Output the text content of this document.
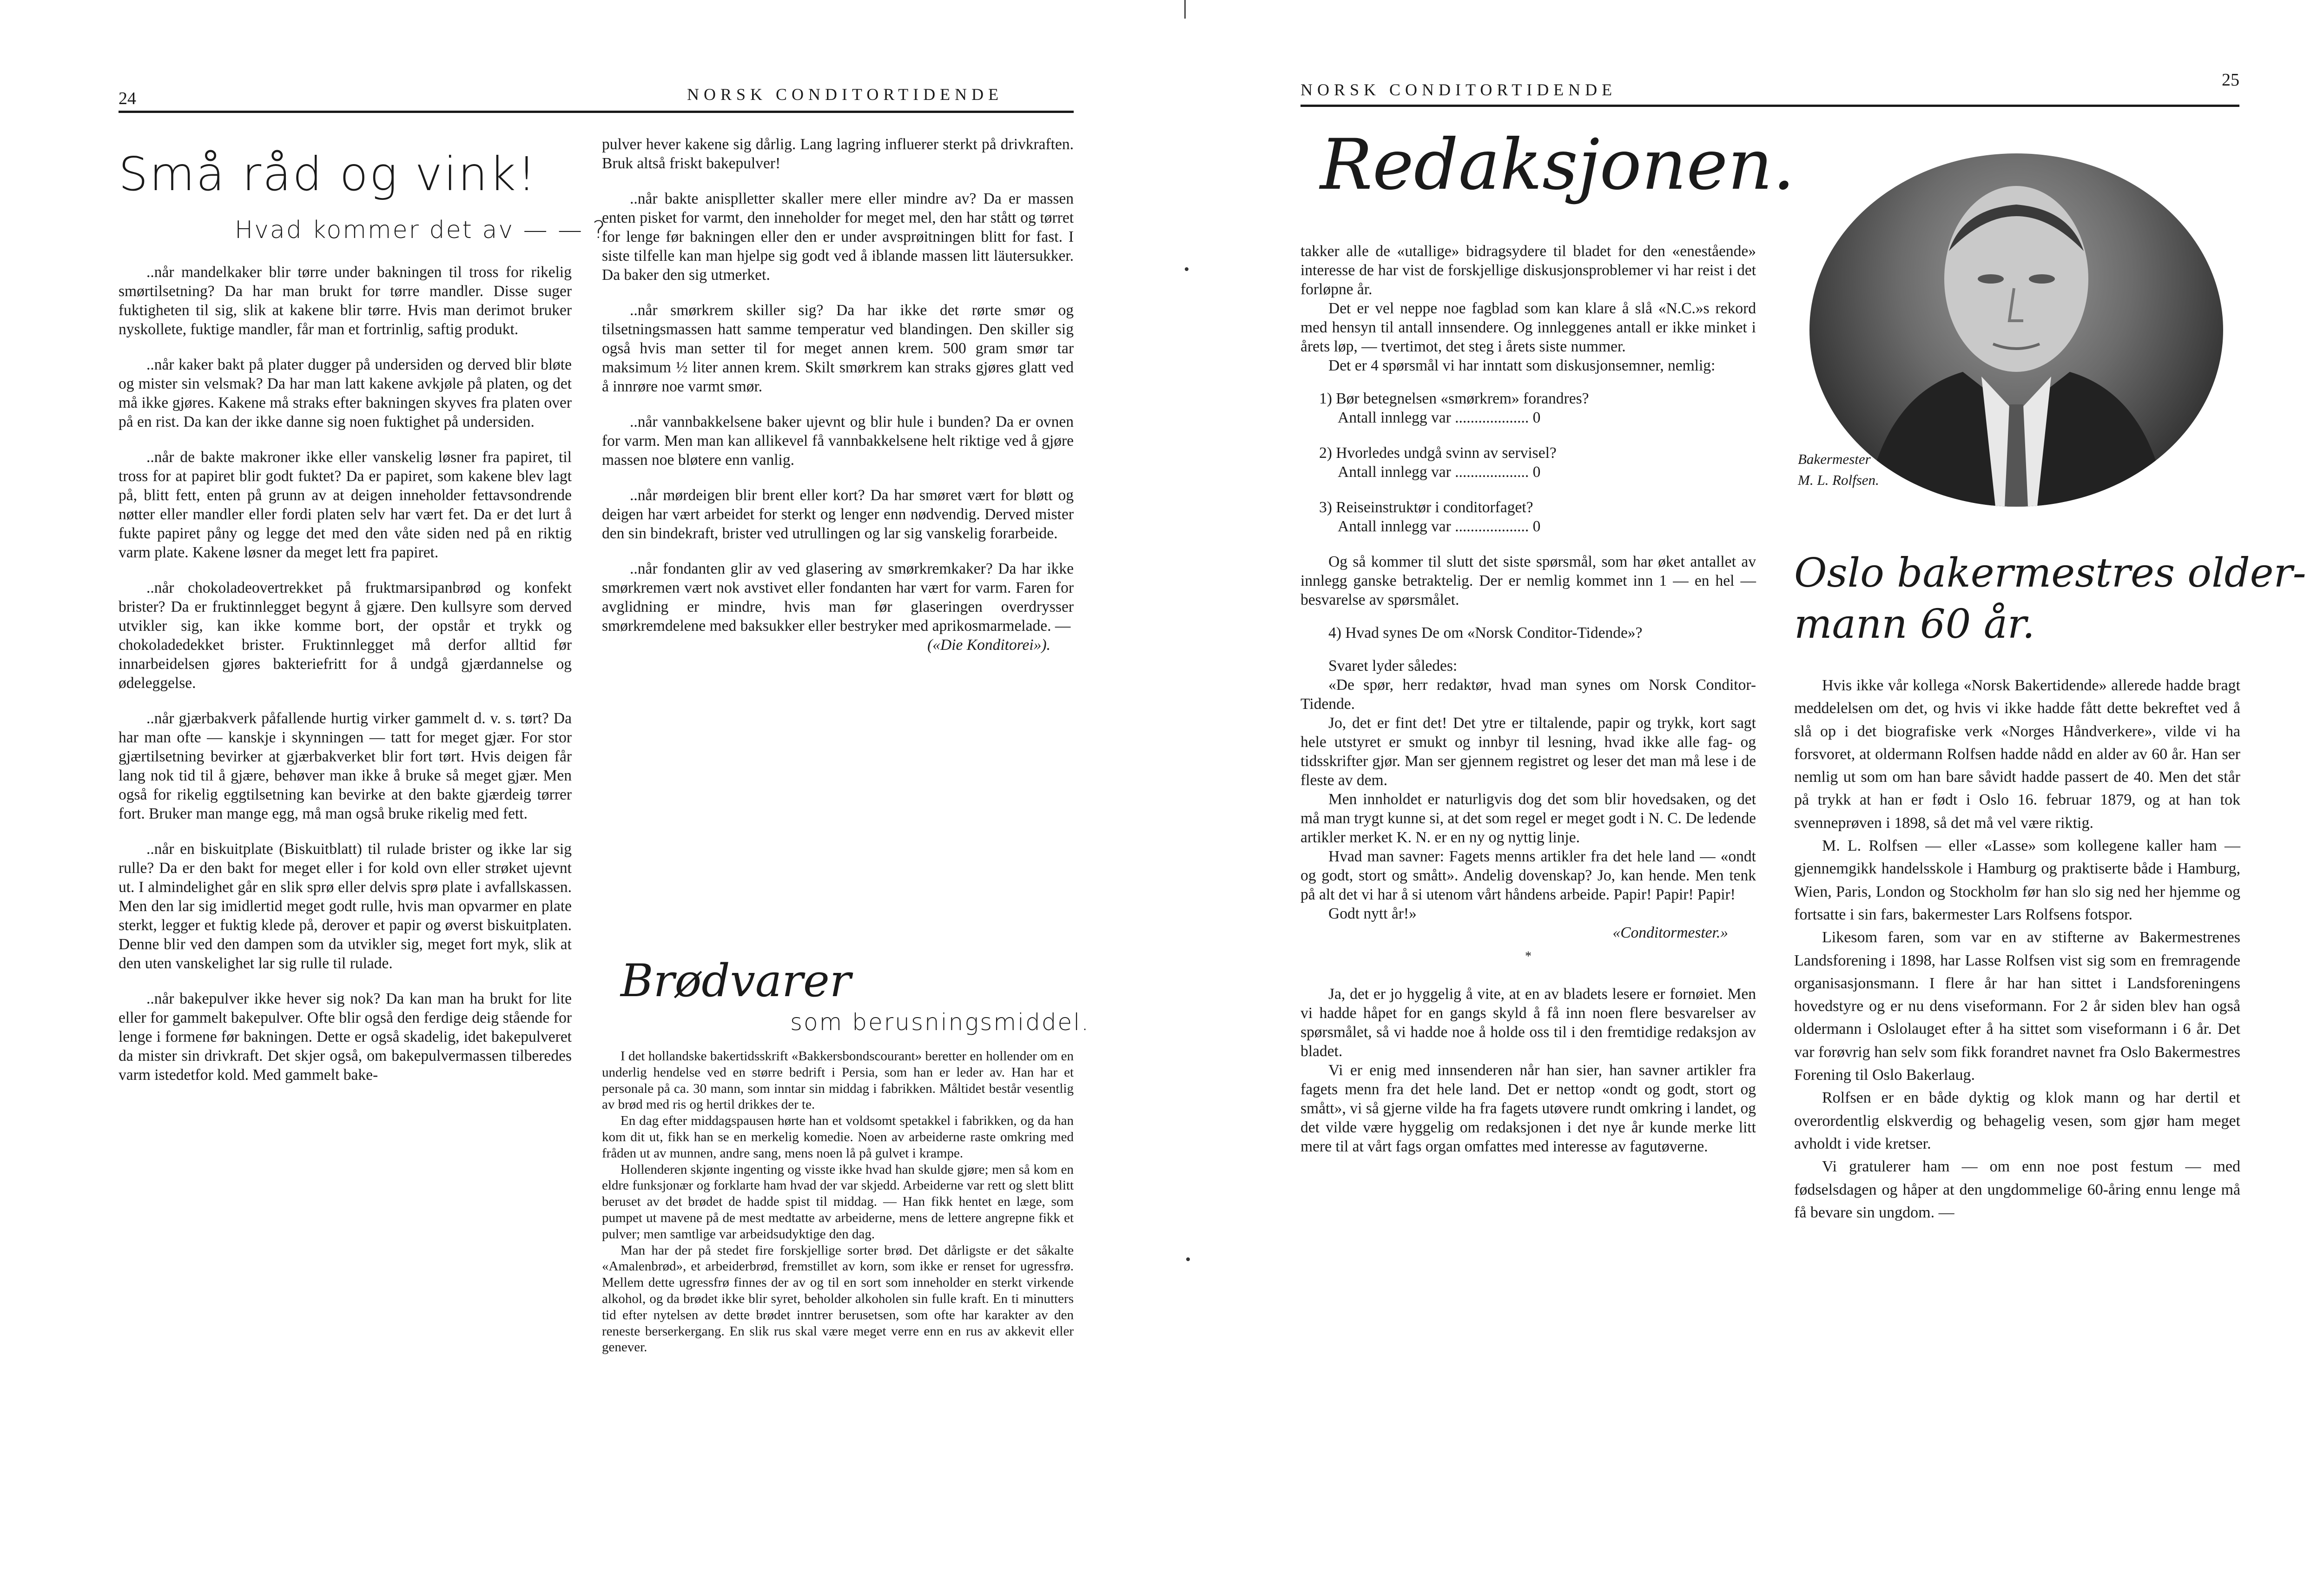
24	NORSK CONDITORTIDENDE
Små råd og vink!
Hvad kommer det av — — ?

..når mandelkaker blir tørre under bakningen til tross for rikelig smørtilsetning? Da har man brukt for tørre mandler. Disse suger fuktigheten til sig, slik at kakene blir tørre. Hvis man derimot bruker nyskollete, fuktige mandler, får man et fortrinlig, saftig produkt.

..når kaker bakt på plater dugger på undersiden og derved blir bløte og mister sin velsmak? Da har man latt kakene avkjøle på platen, og det må ikke gjøres. Kakene må straks efter bakningen skyves fra platen over på en rist. Da kan der ikke danne sig noen fuktighet på undersiden.

..når de bakte makroner ikke eller vanskelig løsner fra papiret, til tross for at papiret blir godt fuktet? Da er papiret, som kakene blev lagt på, blitt fett, enten på grunn av at deigen inneholder fettavsondrende nøtter eller mandler eller fordi platen selv har vært fet. Da er det lurt å fukte papiret påny og legge det med den våte siden ned på en riktig varm plate. Kakene løsner da meget lett fra papiret.

..når chokoladeovertrekket på fruktmarsipanbrød og konfekt brister? Da er fruktinnlegget begynt å gjære. Den kullsyre som derved utvikler sig, kan ikke komme bort, der opstår et trykk og chokoladedekket brister. Fruktinnlegget må derfor alltid før innarbeidelsen gjøres bakteriefritt for å undgå gjærdannelse og ødeleggelse.

..når gjærbakverk påfallende hurtig virker gammelt d. v. s. tørt? Da har man ofte — kanskje i skynningen — tatt for meget gjær. For stor gjærtilsetning bevirker at gjærbakverket blir fort tørt. Hvis deigen får lang nok tid til å gjære, behøver man ikke å bruke så meget gjær. Men også for rikelig eggtilsetning kan bevirke at den bakte gjærdeig tørrer fort. Bruker man mange egg, må man også bruke rikelig med fett.

..når en biskuitplate (Biskuitblatt) til rulade brister og ikke lar sig rulle? Da er den bakt for meget eller i for kold ovn eller strøket ujevnt ut. I almindelighet går en slik sprø eller delvis sprø plate i avfallskassen. Men den lar sig imidlertid meget godt rulle, hvis man opvarmer en plate sterkt, legger et fuktig klede på, derover et papir og øverst biskuitplaten. Denne blir ved den dampen som da utvikler sig, meget fort myk, slik at den uten vanskelighet lar sig rulle til rulade.

..når bakepulver ikke hever sig nok? Da kan man ha brukt for lite eller for gammelt bakepulver. Ofte blir også den ferdige deig stående for lenge i formene før bakningen. Dette er også skadelig, idet bakepulveret da mister sin drivkraft. Det skjer også, om bakepulvermassen tilberedes varm istedetfor kold. Med gammelt bake-

pulver hever kakene sig dårlig. Lang lagring influerer sterkt på drivkraften. Bruk altså friskt bakepulver!

..når bakte anisplletter skaller mere eller mindre av? Da er massen enten pisket for varmt, den inneholder for meget mel, den har stått og tørret for lenge før bakningen eller den er under avsprøitningen blitt for fast. I siste tilfelle kan man hjelpe sig godt ved å iblande massen litt läutersukker. Da baker den sig utmerket.

..når smørkrem skiller sig? Da har ikke det rørte smør og tilsetningsmassen hatt samme temperatur ved blandingen. Den skiller sig også hvis man setter til for meget annen krem. 500 gram smør tar maksimum ½ liter annen krem. Skilt smørkrem kan straks gjøres glatt ved å innrøre noe varmt smør.

..når vannbakkelsene baker ujevnt og blir hule i bunden? Da er ovnen for varm. Men man kan allikevel få vannbakkelsene helt riktige ved å gjøre massen noe bløtere enn vanlig.

..når mørdeigen blir brent eller kort? Da har smøret vært for bløtt og deigen har vært arbeidet for sterkt og lenger enn nødvendig. Derved mister den sin bindekraft, brister ved utrullingen og lar sig vanskelig forarbeide.

..når fondanten glir av ved glasering av smørkremkaker? Da har ikke smørkremen vært nok avstivet eller fondanten har vært for varm. Faren for avglidning er mindre, hvis man før glaseringen overdrysser smørkremdelene med baksukker eller bestryker med aprikosmarmelade. —

(«Die Konditorei»).
Brødvarer
som berusningsmiddel.

I det hollandske bakertidsskrift «Bakkersbondscourant» beretter en hollender om en underlig hendelse ved en større bedrift i Persia, som han er leder av. Han har et personale på ca. 30 mann, som inntar sin middag i fabrikken. Måltidet består vesentlig av brød med ris og hertil drikkes der te.

En dag efter middagspausen hørte han et voldsomt spetakkel i fabrikken, og da han kom dit ut, fikk han se en merkelig komedie. Noen av arbeiderne raste omkring med fråden ut av munnen, andre sang, mens noen lå på gulvet i krampe.

Hollenderen skjønte ingenting og visste ikke hvad han skulde gjøre; men så kom en eldre funksjonær og forklarte ham hvad der var skjedd. Arbeiderne var rett og slett blitt beruset av det brødet de hadde spist til middag. — Han fikk hentet en læge, som pumpet ut mavene på de mest medtatte av arbeiderne, mens de lettere angrepne fikk et pulver; men samtlige var arbeidsudyktige den dag.

Man har der på stedet fire forskjellige sorter brød. Det dårligste er det såkalte «Amalenbrød», et arbeiderbrød, fremstillet av korn, som ikke er renset for ugressfrø. Mellem dette ugressfrø finnes der av og til en sort som inneholder en sterkt virkende alkohol, og da brødet ikke blir syret, beholder alkoholen sin fulle kraft. En ti minutters tid efter nytelsen av dette brødet inntrer berusetsen, som ofte har karakter av den reneste berserkergang. En slik rus skal være meget verre enn en rus av akkevit eller genever.

NORSK CONDITORTIDENDE	25
Redaksjonen.

takker alle de «utallige» bidragsydere til bladet for den «enestående» interesse de har vist de forskjellige diskusjonsproblemer vi har reist i det forløpne år.

Det er vel neppe noe fagblad som kan klare å slå «N.C.»s rekord med hensyn til antall innsendere. Og innleggenes antall er ikke minket i årets løp, — tvertimot, det steg i årets siste nummer.

Det er 4 spørsmål vi har inntatt som diskusjonsemner, nemlig:

1) Bør betegnelsen «smørkrem» forandres?
Antall innlegg var ................... 0
2) Hvorledes undgå svinn av servisel?
Antall innlegg var ................... 0
3) Reiseinstruktør i conditorfaget?
Antall innlegg var ................... 0

Og så kommer til slutt det siste spørsmål, som har øket antallet av innlegg ganske betraktelig. Der er nemlig kommet inn 1 — en hel — besvarelse av spørsmålet.

4) Hvad synes De om «Norsk Conditor-Tidende»?

Svaret lyder således:

«De spør, herr redaktør, hvad man synes om Norsk Conditor-Tidende.

Jo, det er fint det! Det ytre er tiltalende, papir og trykk, kort sagt hele utstyret er smukt og innbyr til lesning, hvad ikke alle fag- og tidsskrifter gjør. Man ser gjennem registret og leser det man må lese i de fleste av dem.

Men innholdet er naturligvis dog det som blir hovedsaken, og det må man trygt kunne si, at det som regel er meget godt i N. C. De ledende artikler merket K. N. er en ny og nyttig linje.

Hvad man savner: Fagets menns artikler fra det hele land — «ondt og godt, stort og smått». Andelig dovenskap? Jo, kan hende. Men tenk på alt det vi har å si utenom vårt håndens arbeide. Papir! Papir! Papir!

Godt nytt år!»

«Conditormester.»
*

Ja, det er jo hyggelig å vite, at en av bladets lesere er fornøiet. Men vi hadde håpet for en gangs skyld å få inn noen flere besvarelser av spørsmålet, så vi hadde noe å holde oss til i den fremtidige redaksjon av bladet.

Vi er enig med innsenderen når han sier, han savner artikler fra fagets menn fra det hele land. Det er nettop «ondt og godt, stort og smått», vi så gjerne vilde ha fra fagets utøvere rundt omkring i landet, og det vilde være hyggelig om redaksjonen i det nye år kunde merke litt mere til at vårt fags organ omfattes med interesse av fagutøverne.

Bakermester
M. L. Rolfsen.
Oslo bakermestres older-
mann 60 år.

Hvis ikke vår kollega «Norsk Bakertidende» allerede hadde bragt meddelelsen om det, og hvis vi ikke hadde fått dette bekreftet ved å slå op i det biografiske verk «Norges Håndverkere», vilde vi ha forsvoret, at oldermann Rolfsen hadde nådd en alder av 60 år. Han ser nemlig ut som om han bare såvidt hadde passert de 40. Men det står på trykk at han er født i Oslo 16. februar 1879, og at han tok svenneprøven i 1898, så det må vel være riktig.

M. L. Rolfsen — eller «Lasse» som kollegene kaller ham — gjennemgikk handelsskole i Hamburg og praktiserte både i Hamburg, Wien, Paris, London og Stockholm før han slo sig ned her hjemme og fortsatte i sin fars, bakermester Lars Rolfsens fotspor.

Likesom faren, som var en av stifterne av Bakermestrenes Landsforening i 1898, har Lasse Rolfsen vist sig som en fremragende organisasjonsmann. I flere år har han sittet i Landsforeningens hovedstyre og er nu dens viseformann. For 2 år siden blev han også oldermann i Oslolauget efter å ha sittet som viseformann i 6 år. Det var forøvrig han selv som fikk forandret navnet fra Oslo Bakermestres Forening til Oslo Bakerlaug.

Rolfsen er en både dyktig og klok mann og har dertil et overordentlig elskverdig og behagelig vesen, som gjør ham meget avholdt i vide kretser.

Vi gratulerer ham — om enn noe post festum — med fødselsdagen og håper at den ungdommelige 60-åring ennu lenge må få bevare sin ungdom. —
